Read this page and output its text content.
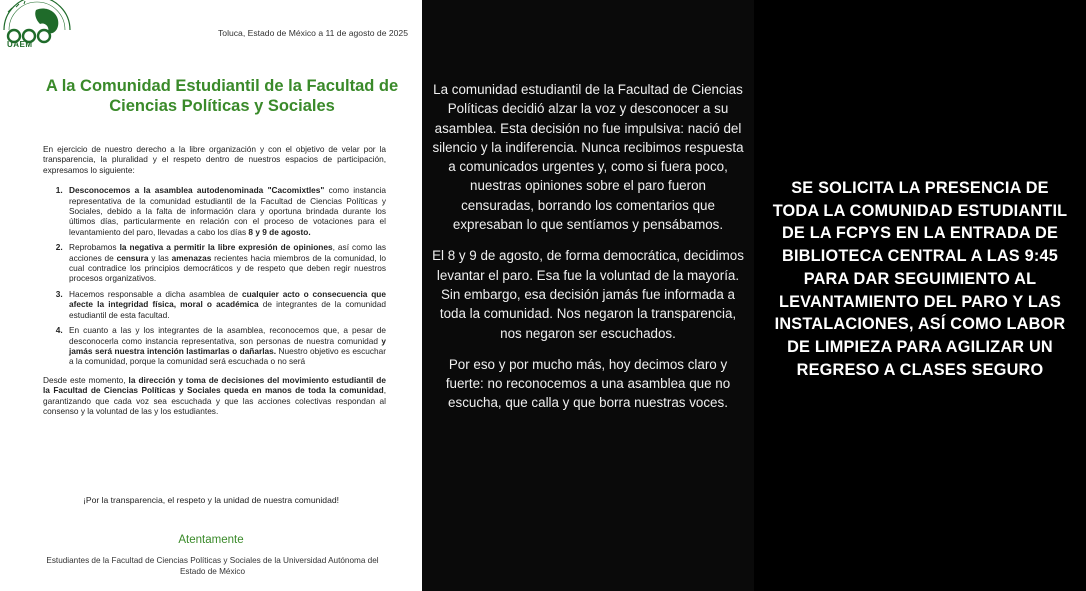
UAEM
Toluca, Estado de México a 11 de agosto de 2025
A la Comunidad Estudiantil de la Facultad de Ciencias Políticas y Sociales

En ejercicio de nuestro derecho a la libre organización y con el objetivo de velar por la transparencia, la pluralidad y el respeto dentro de nuestros espacios de participación, expresamos lo siguiente:

1. Desconocemos a la asamblea autodenominada "Cacomixtles" como instancia representativa de la comunidad estudiantil de la Facultad de Ciencias Políticas y Sociales, debido a la falta de información clara y oportuna brindada durante los últimos días, particularmente en relación con el proceso de votaciones para el levantamiento del paro, llevadas a cabo los días 8 y 9 de agosto.
2. Reprobamos la negativa a permitir la libre expresión de opiniones, así como las acciones de censura y las amenazas recientes hacia miembros de la comunidad, lo cual contradice los principios democráticos y de respeto que deben regir nuestros procesos organizativos.
3. Hacemos responsable a dicha asamblea de cualquier acto o consecuencia que afecte la integridad física, moral o académica de integrantes de la comunidad estudiantil de esta facultad.
4. En cuanto a las y los integrantes de la asamblea, reconocemos que, a pesar de desconocerla como instancia representativa, son personas de nuestra comunidad y jamás será nuestra intención lastimarlas o dañarlas. Nuestro objetivo es escuchar a la comunidad, porque la comunidad será escuchada o no será

Desde este momento, la dirección y toma de decisiones del movimiento estudiantil de la Facultad de Ciencias Políticas y Sociales queda en manos de toda la comunidad, garantizando que cada voz sea escuchada y que las acciones colectivas respondan al consenso y la voluntad de las y los estudiantes.

¡Por la transparencia, el respeto y la unidad de nuestra comunidad!
Atentamente
Estudiantes de la Facultad de Ciencias Políticas y Sociales de la Universidad Autónoma del Estado de México

La comunidad estudiantil de la Facultad de Ciencias Políticas decidió alzar la voz y desconocer a su asamblea. Esta decisión no fue impulsiva: nació del silencio y la indiferencia. Nunca recibimos respuesta a comunicados urgentes y, como si fuera poco, nuestras opiniones sobre el paro fueron censuradas, borrando los comentarios que expresaban lo que sentíamos y pensábamos.

El 8 y 9 de agosto, de forma democrática, decidimos levantar el paro. Esa fue la voluntad de la mayoría. Sin embargo, esa decisión jamás fue informada a toda la comunidad. Nos negaron la transparencia, nos negaron ser escuchados.

Por eso y por mucho más, hoy decimos claro y fuerte: no reconocemos a una asamblea que no escucha, que calla y que borra nuestras voces.

SE SOLICITA LA PRESENCIA DE TODA LA COMUNIDAD ESTUDIANTIL DE LA FCPYS EN LA ENTRADA DE BIBLIOTECA CENTRAL A LAS 9:45 PARA DAR SEGUIMIENTO AL LEVANTAMIENTO DEL PARO Y LAS INSTALACIONES, ASÍ COMO LABOR DE LIMPIEZA PARA AGILIZAR UN REGRESO A CLASES SEGURO
